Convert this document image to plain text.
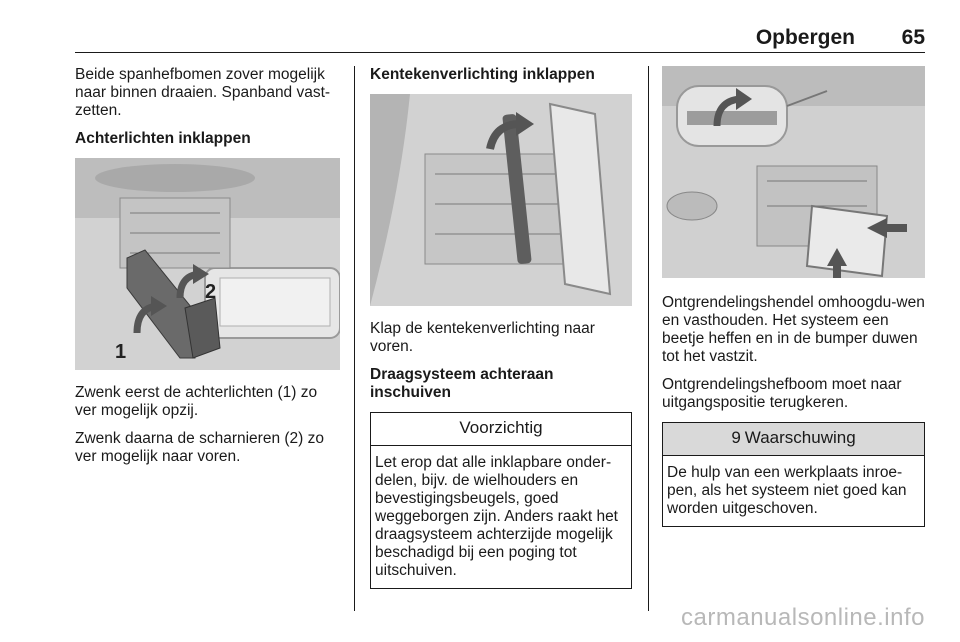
Opbergen 65

Beide spanhefbomen zover mogelijk naar binnen draaien. Spanband vast-zetten.

Achterlichten inklappen
1
2

Zwenk eerst de achterlichten (1) zo ver mogelijk opzij.

Zwenk daarna de scharnieren (2) zo ver mogelijk naar voren.

Kentekenverlichting inklappen

Klap de kentekenverlichting naar voren.

Draagsysteem achteraan inschuiven
Voorzichtig
Let erop dat alle inklapbare onder-delen, bijv. de wielhouders en bevestigingsbeugels, goed weggeborgen zijn. Anders raakt het draagsysteem achterzijde mogelijk beschadigd bij een poging tot uitschuiven.

Ontgrendelingshendel omhoogdu-wen en vasthouden. Het systeem een beetje heffen en in de bumper duwen tot het vastzit.

Ontgrendelingshefboom moet naar uitgangspositie terugkeren.

9 Waarschuwing
De hulp van een werkplaats inroe-pen, als het systeem niet goed kan worden uitgeschoven.
carmanualsonline.info
